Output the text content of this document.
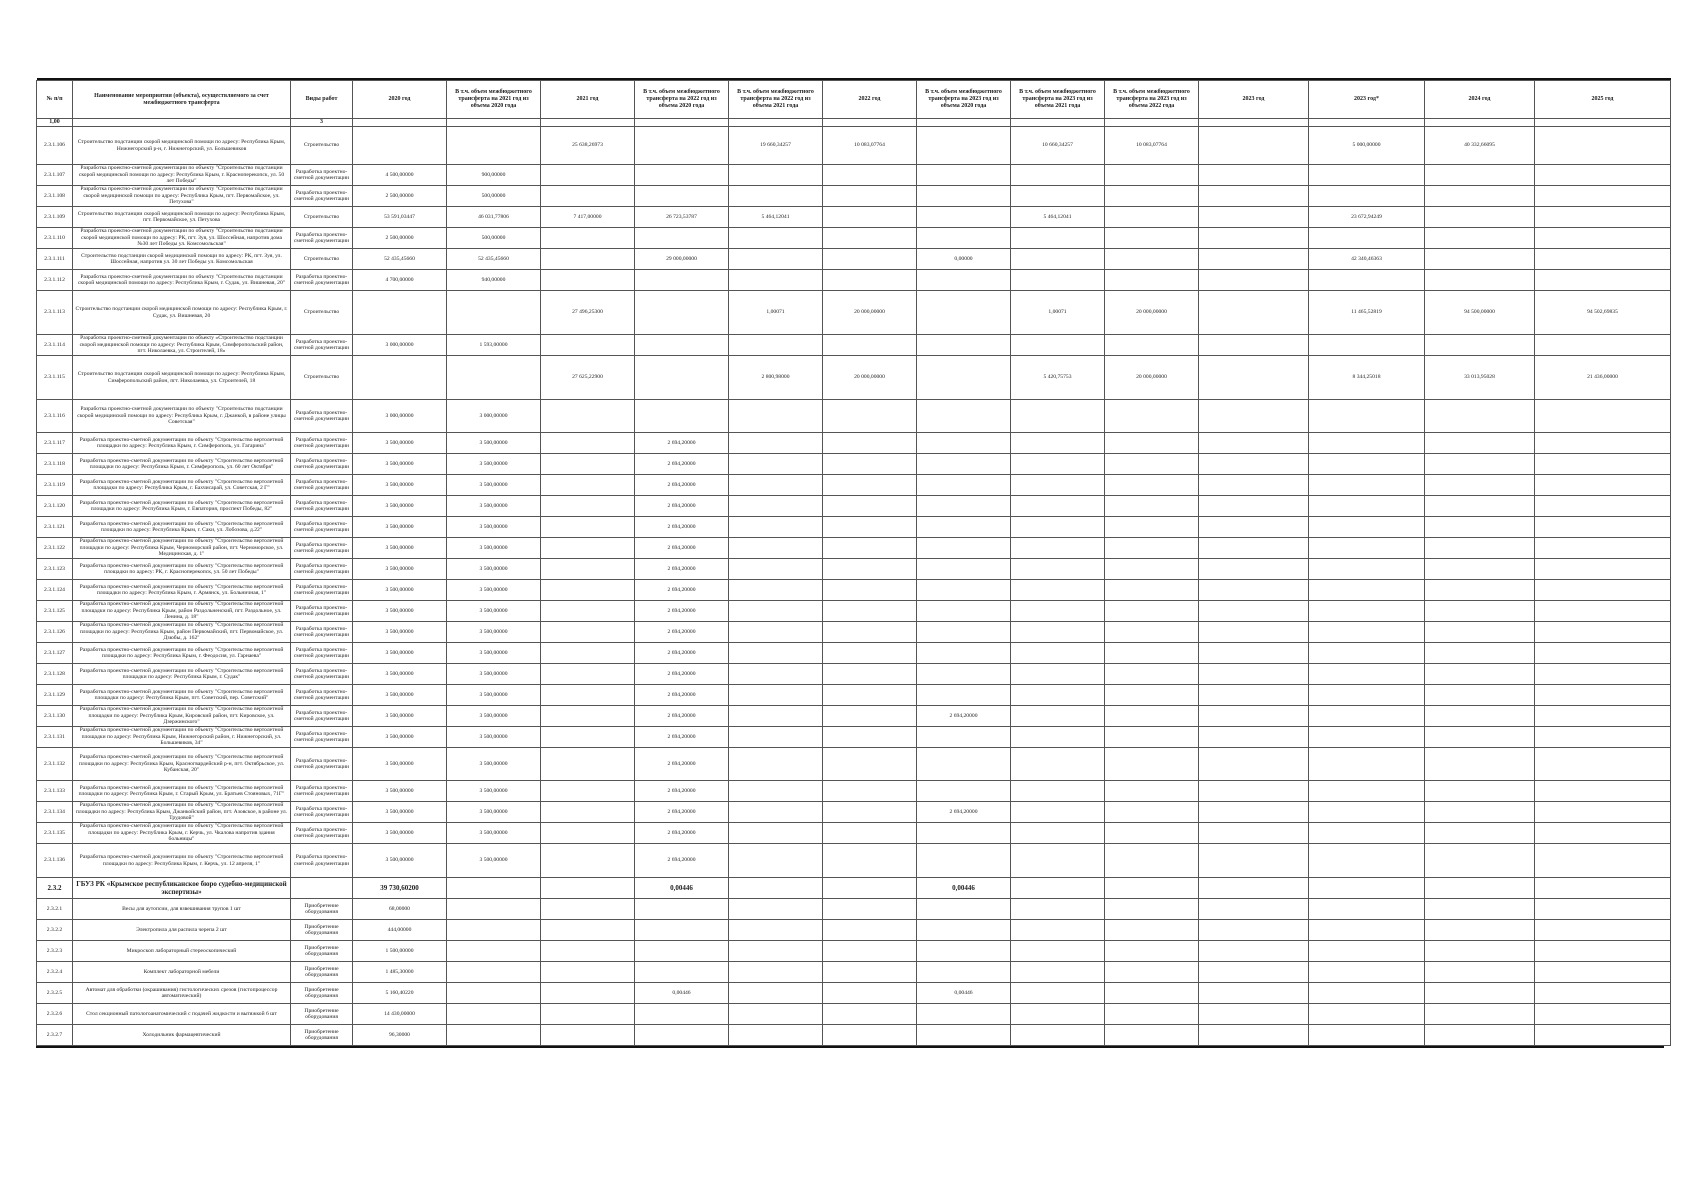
№ п/п	Наименование мероприятия (объекта), осуществляемого за счет межбюджетного трансферта	Виды работ	2020 год	В т.ч. объем межбюджетного трансферта на 2021 год из объема 2020 года	2021 год	В т.ч. объем межбюджетного трансферта на 2022 год из объема 2020 года	В т.ч. объем межбюджетного трансферта на 2022 год из объема 2021 года	2022 год	В т.ч. объем межбюджетного трансферта на 2023 год из объема 2020 года	В т.ч. объем межбюджетного трансферта на 2023 год из объема 2021 года	В т.ч. объем межбюджетного трансферта на 2023 год из объема 2022 года	2023 год	2023 год*	2024 год	2025 год
1,00		3													
2.3.1.106	Строительство подстанции скорой медицинской помощи по адресу: Республика Крым, Нижнегорский р-н, г. Нижнегорский, ул. Большевиков	Строительство			25 638,26973		19 660,34257	10 083,07764		10 660,34257	10 083,07764		5 000,00000	40 332,66095	
2.3.1.107	Разработка проектно-сметной документации по объекту "Строительство подстанции скорой медицинской помощи по адресу: Республика Крым, г. Красноперекопск, ул. 50 лет Победы"	Разработка проектно-сметной документации	4 500,00000	900,00000											
2.3.1.108	Разработка проектно-сметной документации по объекту "Строительство подстанции скорой медицинской помощи по адресу: Республика Крым, пгт. Первомайское, ул. Петухова"	Разработка проектно-сметной документации	2 500,00000	500,00000											
2.3.1.109	Строительство подстанции скорой медицинской помощи по адресу: Республика Крым, пгт. Первомайское, ул. Петухова	Строительство	53 591,03447	46 031,77806	7 417,00000	26 723,53787	5 464,12041			5 464,12041			23 672,94249		
2.3.1.110	Разработка проектно-сметной документации по объекту "Строительство подстанции скорой медицинской помощи по адресу: РК, пгт. Зуя, ул. Шоссейная, напротив дома №30 лет Победы ул. Комсомольская"	Разработка проектно-сметной документации	2 500,00000	500,00000											
2.3.1.111	Строительство подстанции скорой медицинской помощи по адресу: РК, пгт. Зуя, ул. Шоссейная, напротив ул. 30 лет Победы ул. Комсомольская	Строительство	52 435,45660	52 435,45660		29 000,00000			0,00000				42 340,46363		
2.3.1.112	Разработка проектно-сметной документации по объекту "Строительство подстанции скорой медицинской помощи по адресу: Республика Крым, г. Судак, ул. Вишневая, 20"	Разработка проектно-сметной документации	4 700,00000	940,00000											
2.3.1.113	Строительство подстанции скорой медицинской помощи по адресу: Республика Крым, г. Судак, ул. Вишневая, 20	Строительство			27 496,25300		1,00071	20 000,00000		1,00071	20 000,00000		11 465,52819	94 500,00000	94 502,69835
2.3.1.114	Разработка проектно-сметной документации по объекту «Строительство подстанции скорой медицинской помощи по адресу: Республика Крым, Симферопольский район, пгт. Николаевка, ул. Строителей, 18»	Разработка проектно-сметной документации	3 000,00000	1 593,00000											
2.3.1.115	Строительство подстанции скорой медицинской помощи по адресу: Республика Крым, Симферопольский район, пгт. Николаевка, ул. Строителей, 18	Строительство			27 625,22900		2 800,98000	20 000,00000		5 420,75753	20 000,00000		8 344,25018	33 013,95028	21 436,00000
2.3.1.116	Разработка проектно-сметной документации по объекту "Строительство подстанции скорой медицинской помощи по адресу: Республика Крым, г. Джанкой, в районе улицы Советская"	Разработка проектно-сметной документации	3 000,00000	3 000,00000											
2.3.1.117	Разработка проектно-сметной документации по объекту "Строительство вертолетной площадки по адресу: Республика Крым, г. Симферополь, ул. Гагарина"	Разработка проектно-сметной документации	3 500,00000	3 500,00000		2 694,20000									
2.3.1.118	Разработка проектно-сметной документации по объекту "Строительство вертолетной площадки по адресу: Республика Крым, г. Симферополь, ул. 60 лет Октября"	Разработка проектно-сметной документации	3 500,00000	3 500,00000		2 694,20000									
2.3.1.119	Разработка проектно-сметной документации по объекту "Строительство вертолетной площадки по адресу: Республика Крым, г. Бахчисарай, ул. Советская, 2 Г"	Разработка проектно-сметной документации	3 500,00000	3 500,00000		2 694,20000									
2.3.1.120	Разработка проектно-сметной документации по объекту "Строительство вертолетной площадки по адресу: Республика Крым, г. Евпатория, проспект Победы, 82"	Разработка проектно-сметной документации	3 500,00000	3 500,00000		2 694,20000									
2.3.1.121	Разработка проектно-сметной документации по объекту "Строительство вертолетной площадки по адресу: Республика Крым, г. Саки, ул. Лобозова, д.22"	Разработка проектно-сметной документации	3 500,00000	3 500,00000		2 694,20000									
2.3.1.122	Разработка проектно-сметной документации по объекту "Строительство вертолетной площадки по адресу: Республика Крым, Черноморский район, пгт. Черноморское, ул. Медицинская, д. 1"	Разработка проектно-сметной документации	3 500,00000	3 500,00000		2 694,20000									
2.3.1.123	Разработка проектно-сметной документации по объекту "Строительство вертолетной площадки по адресу: РК, г. Красноперекопск, ул. 50 лет Победы"	Разработка проектно-сметной документации	3 500,00000	3 500,00000		2 694,20000									
2.3.1.124	Разработка проектно-сметной документации по объекту "Строительство вертолетной площадки по адресу: Республика Крым, г. Армянск, ул. Больничная, 1"	Разработка проектно-сметной документации	3 500,00000	3 500,00000		2 694,20000									
2.3.1.125	Разработка проектно-сметной документации по объекту "Строительство вертолетной площадки по адресу: Республика Крым, район Раздольненский, пгт. Раздольное, ул. Ленина, д. 18"	Разработка проектно-сметной документации	3 500,00000	3 500,00000		2 694,20000									
2.3.1.126	Разработка проектно-сметной документации по объекту "Строительство вертолетной площадки по адресу: Республика Крым, район Первомайский, пгт. Первомайское, ул. Дзюбы, д. 162"	Разработка проектно-сметной документации	3 500,00000	3 500,00000		2 694,20000									
2.3.1.127	Разработка проектно-сметной документации по объекту "Строительство вертолетной площадки по адресу: Республика Крым, г. Феодосия, ул. Гарнаева"	Разработка проектно-сметной документации	3 500,00000	3 500,00000		2 694,20000									
2.3.1.128	Разработка проектно-сметной документации по объекту "Строительство вертолетной площадки по адресу: Республика Крым, г. Судак"	Разработка проектно-сметной документации	3 500,00000	3 500,00000		2 694,20000									
2.3.1.129	Разработка проектно-сметной документации по объекту "Строительство вертолетной площадки по адресу: Республика Крым, пгт. Советский, пер. Советский"	Разработка проектно-сметной документации	3 500,00000	3 500,00000		2 694,20000									
2.3.1.130	Разработка проектно-сметной документации по объекту "Строительство вертолетной площадки по адресу: Республика Крым, Кировский район, пгт. Кировское, ул. Дзержинского"	Разработка проектно-сметной документации	3 500,00000	3 500,00000		2 694,20000			2 694,20000						
2.3.1.131	Разработка проектно-сметной документации по объекту "Строительство вертолетной площадки по адресу: Республика Крым, Нижнегорский район, г. Нижнегорский, ул. Большевиков, 34"	Разработка проектно-сметной документации	3 500,00000	3 500,00000		2 694,20000									
2.3.1.132	Разработка проектно-сметной документации по объекту "Строительство вертолетной площадки по адресу: Республика Крым, Красногвардейский р-н, пгт. Октябрьское, ул. Кубанская, 20"	Разработка проектно-сметной документации	3 500,00000	3 500,00000		2 694,20000									
2.3.1.133	Разработка проектно-сметной документации по объекту "Строительство вертолетной площадки по адресу: Республика Крым, г. Старый Крым, ул. Братьев Стояновых, 71Г"	Разработка проектно-сметной документации	3 500,00000	3 500,00000		2 694,20000									
2.3.1.134	Разработка проектно-сметной документации по объекту "Строительство вертолетной площадки по адресу: Республика Крым, Джанкойский район, пгт. Азовское, в районе ул. Трудовой"	Разработка проектно-сметной документации	3 500,00000	3 500,00000		2 694,20000			2 694,20000						
2.3.1.135	Разработка проектно-сметной документации по объекту "Строительство вертолетной площадки по адресу: Республика Крым, г. Керчь, ул. Чкалова напротив здания больницы"	Разработка проектно-сметной документации	3 500,00000	3 500,00000		2 694,20000									
2.3.1.136	Разработка проектно-сметной документации по объекту "Строительство вертолетной площадки по адресу: Республика Крым, г. Керчь, ул. 12 апреля, 1"	Разработка проектно-сметной документации	3 500,00000	3 500,00000		2 694,20000									
2.3.2	ГБУЗ РК «Крымское республиканское бюро судебно-медицинской экспертизы»		39 730,60200			0,00446			0,00446						
2.3.2.1	Весы для аутопсии, для взвешивания трупов 1 шт	Приобретение оборудования	68,00000												
2.3.2.2	Электропила для распила черепа 2 шт	Приобретение оборудования	444,00000												
2.3.2.3	Микроскоп лабораторный стереоскопический	Приобретение оборудования	1 500,00000												
2.3.2.4	Комплект лабораторной мебели	Приобретение оборудования	1 485,30000												
2.3.2.5	Автомат для обработки (окрашивания) гистологических срезов (гистопроцессор автоматический)	Приобретение оборудования	5 160,40220			0,00446			0,00446						
2.3.2.6	Стол секционный патологоанатомический с подачей жидкости и вытяжкой 6 шт	Приобретение оборудования	14 430,00000												
2.3.2.7	Холодильник фармацевтический	Приобретение оборудования	96,30000												
